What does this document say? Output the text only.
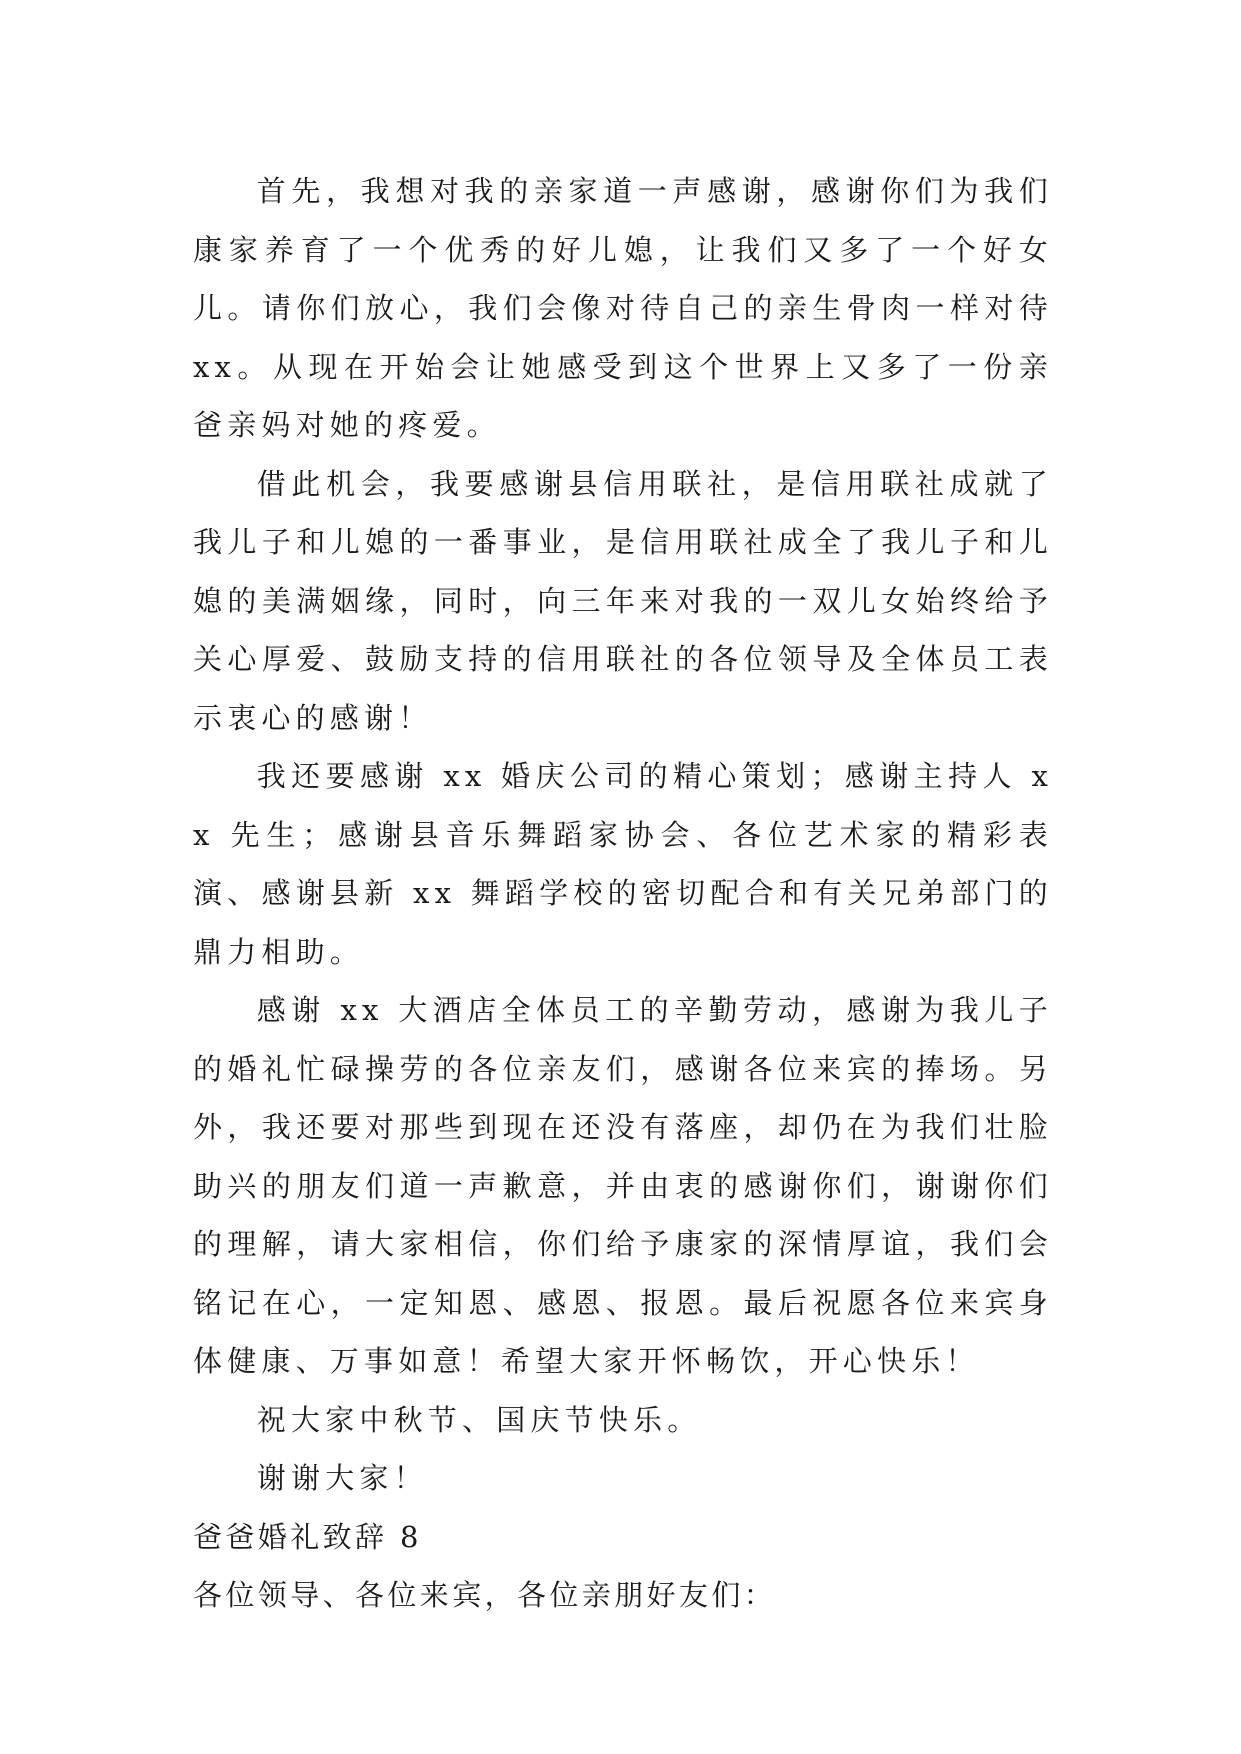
首先，我想对我的亲家道一声感谢，感谢你们为我们康家养育了一个优秀的好儿媳，让我们又多了一个好女儿。请你们放心，我们会像对待自己的亲生骨肉一样对待 xx。从现在开始会让她感受到这个世界上又多了一份亲爸亲妈对她的疼爱。

借此机会，我要感谢县信用联社，是信用联社成就了我儿子和儿媳的一番事业，是信用联社成全了我儿子和儿媳的美满姻缘，同时，向三年来对我的一双儿女始终给予关心厚爱、鼓励支持的信用联社的各位领导及全体员工表示衷心的感谢！

我还要感谢 xx 婚庆公司的精心策划；感谢主持人 xx 先生；感谢县音乐舞蹈家协会、各位艺术家的精彩表演、感谢县新 xx 舞蹈学校的密切配合和有关兄弟部门的鼎力相助。

感谢 xx 大酒店全体员工的辛勤劳动，感谢为我儿子的婚礼忙碌操劳的各位亲友们，感谢各位来宾的捧场。另外，我还要对那些到现在还没有落座，却仍在为我们壮脸助兴的朋友们道一声歉意，并由衷的感谢你们，谢谢你们的理解，请大家相信，你们给予康家的深情厚谊，我们会铭记在心，一定知恩、感恩、报恩。最后祝愿各位来宾身体健康、万事如意！希望大家开怀畅饮，开心快乐！

祝大家中秋节、国庆节快乐。

谢谢大家！

爸爸婚礼致辞 8

各位领导、各位来宾，各位亲朋好友们：
